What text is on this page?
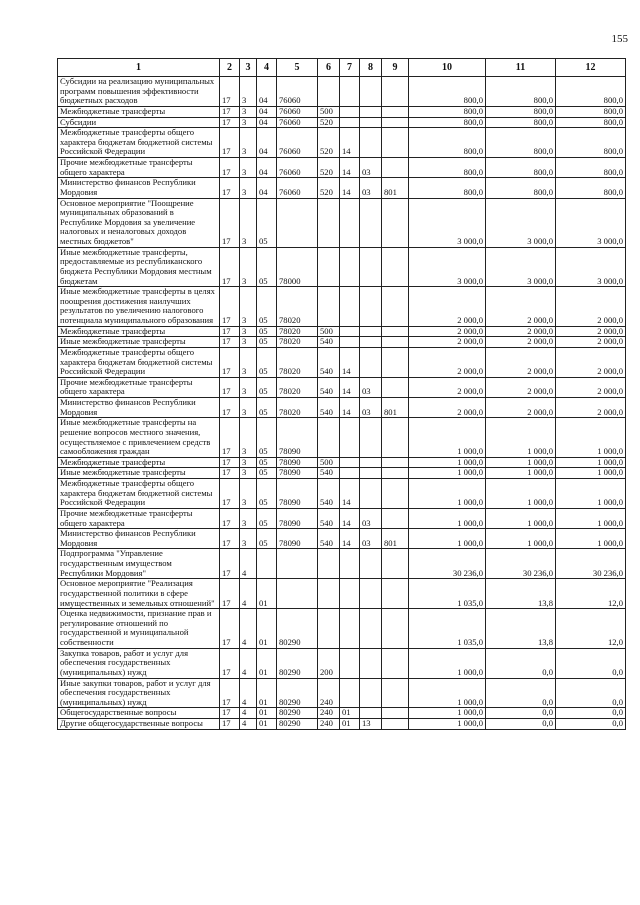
155
1	2	3	4	5	6	7	8	9	10	11	12
Субсидии на реализацию муниципальных программ повышения эффективности бюджетных расходов	17	3	04	76060					800,0	800,0	800,0
Межбюджетные трансферты	17	3	04	76060	500				800,0	800,0	800,0
Субсидии	17	3	04	76060	520				800,0	800,0	800,0
Межбюджетные трансферты общего характера бюджетам бюджетной системы Российской Федерации	17	3	04	76060	520	14			800,0	800,0	800,0
Прочие межбюджетные трансферты общего характера	17	3	04	76060	520	14	03		800,0	800,0	800,0
Министерство финансов Республики Мордовия	17	3	04	76060	520	14	03	801	800,0	800,0	800,0
Основное мероприятие "Поощрение муниципальных образований в Республике Мордовия за увеличение налоговых и неналоговых доходов местных бюджетов"	17	3	05						3 000,0	3 000,0	3 000,0
Иные межбюджетные трансферты, предоставляемые из республиканского бюджета Республики Мордовия местным бюджетам	17	3	05	78000					3 000,0	3 000,0	3 000,0
Иные межбюджетные трансферты в целях поощрения достижения наилучших результатов по увеличению налогового потенциала муниципального образования	17	3	05	78020					2 000,0	2 000,0	2 000,0
Межбюджетные трансферты	17	3	05	78020	500				2 000,0	2 000,0	2 000,0
Иные межбюджетные трансферты	17	3	05	78020	540				2 000,0	2 000,0	2 000,0
Межбюджетные трансферты общего характера бюджетам бюджетной системы Российской Федерации	17	3	05	78020	540	14			2 000,0	2 000,0	2 000,0
Прочие межбюджетные трансферты общего характера	17	3	05	78020	540	14	03		2 000,0	2 000,0	2 000,0
Министерство финансов Республики Мордовия	17	3	05	78020	540	14	03	801	2 000,0	2 000,0	2 000,0
Иные межбюджетные трансферты на решение вопросов местного значения, осуществляемое с привлечением средств самообложения граждан	17	3	05	78090					1 000,0	1 000,0	1 000,0
Межбюджетные трансферты	17	3	05	78090	500				1 000,0	1 000,0	1 000,0
Иные межбюджетные трансферты	17	3	05	78090	540				1 000,0	1 000,0	1 000,0
Межбюджетные трансферты общего характера бюджетам бюджетной системы Российской Федерации	17	3	05	78090	540	14			1 000,0	1 000,0	1 000,0
Прочие межбюджетные трансферты общего характера	17	3	05	78090	540	14	03		1 000,0	1 000,0	1 000,0
Министерство финансов Республики Мордовия	17	3	05	78090	540	14	03	801	1 000,0	1 000,0	1 000,0
Подпрограмма "Управление государственным имуществом Республики Мордовия"	17	4							30 236,0	30 236,0	30 236,0
Основное мероприятие "Реализация государственной политики в сфере имущественных и земельных отношений"	17	4	01						1 035,0	13,8	12,0
Оценка недвижимости, признание прав и регулирование отношений по государственной и муниципальной собственности	17	4	01	80290					1 035,0	13,8	12,0
Закупка товаров, работ и услуг для обеспечения государственных (муниципальных) нужд	17	4	01	80290	200				1 000,0	0,0	0,0
Иные закупки товаров, работ и услуг для обеспечения государственных (муниципальных) нужд	17	4	01	80290	240				1 000,0	0,0	0,0
Общегосударственные вопросы	17	4	01	80290	240	01			1 000,0	0,0	0,0
Другие общегосударственные вопросы	17	4	01	80290	240	01	13		1 000,0	0,0	0,0
